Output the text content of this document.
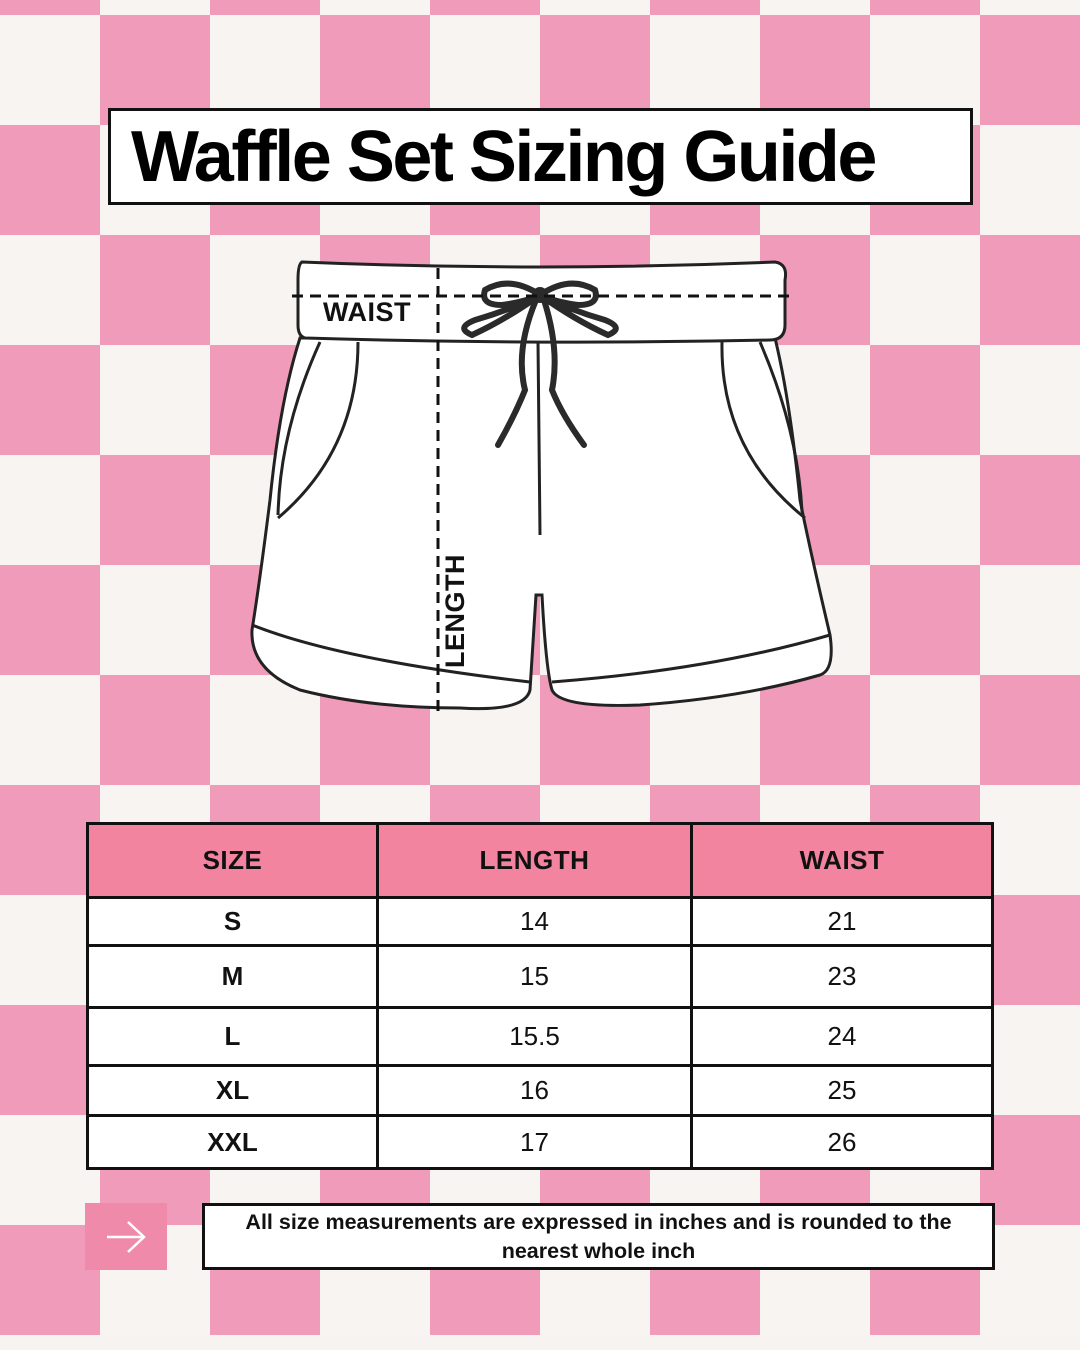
Waffle Set Sizing Guide
WAIST
LENGTH
SIZE	LENGTH	WAIST
S	14	21
M	15	23
L	15.5	24
XL	16	25
XXL	17	26
All size measurements are expressed in inches and is rounded to the nearest whole inch
